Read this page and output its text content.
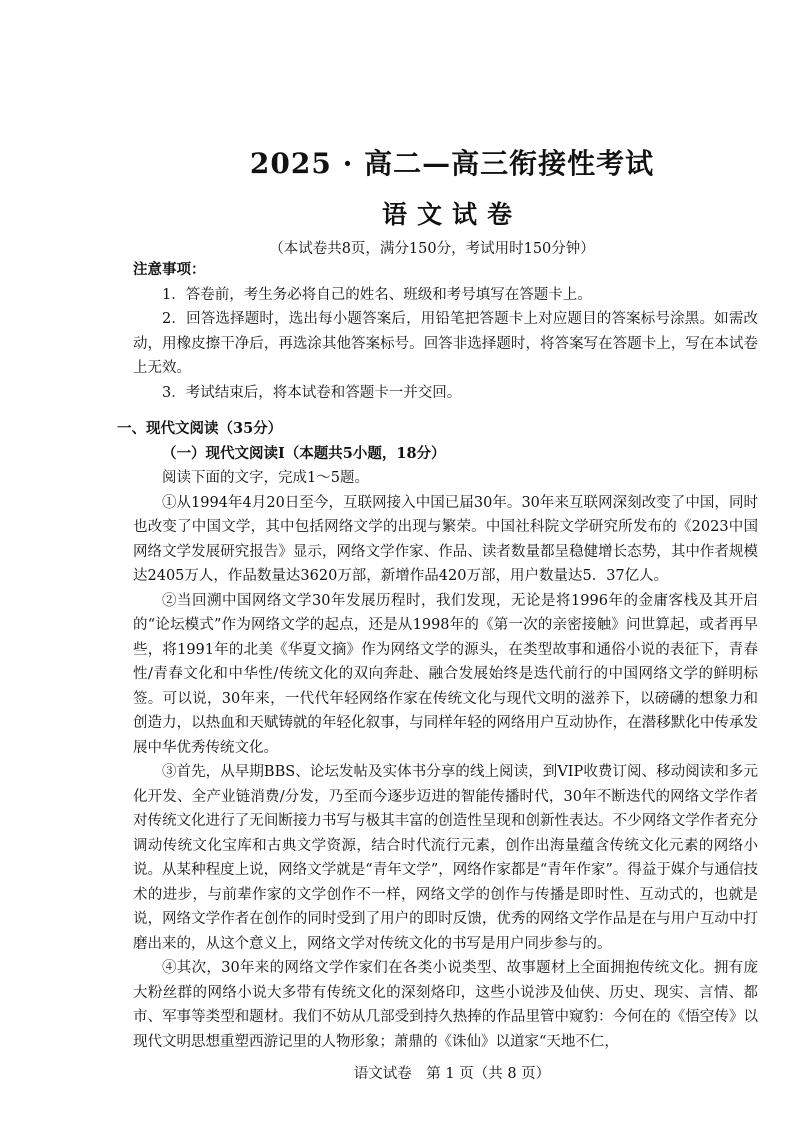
2025 · 高二—高三衔接性考试
语文试卷
（本试卷共8页，满分150分，考试用时150分钟）

注意事项：

1．答卷前，考生务必将自己的姓名、班级和考号填写在答题卡上。
2．回答选择题时，选出每小题答案后，用铅笔把答题卡上对应题目的答案标号涂黑。如需改动，用橡皮擦干净后，再选涂其他答案标号。回答非选择题时，将答案写在答题卡上，写在本试卷上无效。
3．考试结束后，将本试卷和答题卡一并交回。

一、现代文阅读（35分）

（一）现代文阅读Ⅰ（本题共5小题，18分）

阅读下面的文字，完成1～5题。

①从1994年4月20日至今，互联网接入中国已届30年。30年来互联网深刻改变了中国，同时也改变了中国文学，其中包括网络文学的出现与繁荣。中国社科院文学研究所发布的《2023中国网络文学发展研究报告》显示，网络文学作家、作品、读者数量都呈稳健增长态势，其中作者规模达2405万人，作品数量达3620万部，新增作品420万部，用户数量达5．37亿人。

②当回溯中国网络文学30年发展历程时，我们发现，无论是将1996年的金庸客栈及其开启的“论坛模式”作为网络文学的起点，还是从1998年的《第一次的亲密接触》问世算起，或者再早些，将1991年的北美《华夏文摘》作为网络文学的源头，在类型故事和通俗小说的表征下，青春性/青春文化和中华性/传统文化的双向奔赴、融合发展始终是迭代前行的中国网络文学的鲜明标签。可以说，30年来，一代代年轻网络作家在传统文化与现代文明的滋养下，以磅礴的想象力和创造力，以热血和天赋铸就的年轻化叙事，与同样年轻的网络用户互动协作，在潜移默化中传承发展中华优秀传统文化。

③首先，从早期BBS、论坛发帖及实体书分享的线上阅读，到VIP收费订阅、移动阅读和多元化开发、全产业链消费/分发，乃至而今逐步迈进的智能传播时代，30年不断迭代的网络文学作者对传统文化进行了无间断接力书写与极其丰富的创造性呈现和创新性表达。不少网络文学作者充分调动传统文化宝库和古典文学资源，结合时代流行元素，创作出海量蕴含传统文化元素的网络小说。从某种程度上说，网络文学就是“青年文学”，网络作家都是“青年作家”。得益于媒介与通信技术的进步，与前辈作家的文学创作不一样，网络文学的创作与传播是即时性、互动式的，也就是说，网络文学作者在创作的同时受到了用户的即时反馈，优秀的网络文学作品是在与用户互动中打磨出来的，从这个意义上，网络文学对传统文化的书写是用户同步参与的。

④其次，30年来的网络文学作家们在各类小说类型、故事题材上全面拥抱传统文化。拥有庞大粉丝群的网络小说大多带有传统文化的深刻烙印，这些小说涉及仙侠、历史、现实、言情、都市、军事等类型和题材。我们不妨从几部受到持久热捧的作品里管中窥豹：今何在的《悟空传》以现代文明思想重塑西游记里的人物形象；萧鼎的《诛仙》以道家“天地不仁，

语文试卷　第 1 页（共 8 页）
